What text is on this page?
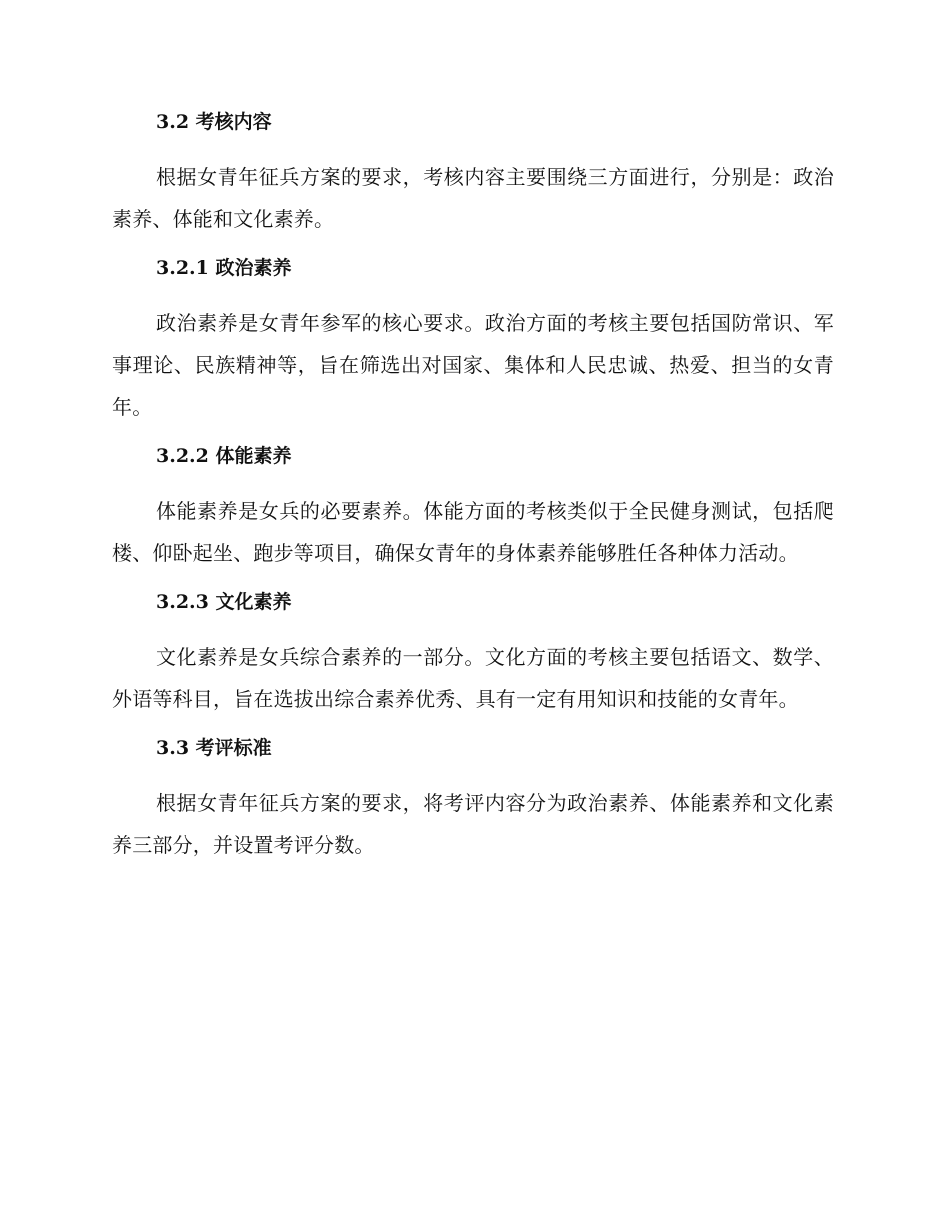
3.2 考核内容

根据女青年征兵方案的要求，考核内容主要围绕三方面进行，分别是：政治素养、体能和文化素养。

3.2.1 政治素养

政治素养是女青年参军的核心要求。政治方面的考核主要包括国防常识、军事理论、民族精神等，旨在筛选出对国家、集体和人民忠诚、热爱、担当的女青年。

3.2.2 体能素养

体能素养是女兵的必要素养。体能方面的考核类似于全民健身测试，包括爬楼、仰卧起坐、跑步等项目，确保女青年的身体素养能够胜任各种体力活动。

3.2.3 文化素养

文化素养是女兵综合素养的一部分。文化方面的考核主要包括语文、数学、外语等科目，旨在选拔出综合素养优秀、具有一定有用知识和技能的女青年。

3.3 考评标准

根据女青年征兵方案的要求，将考评内容分为政治素养、体能素养和文化素养三部分，并设置考评分数。
